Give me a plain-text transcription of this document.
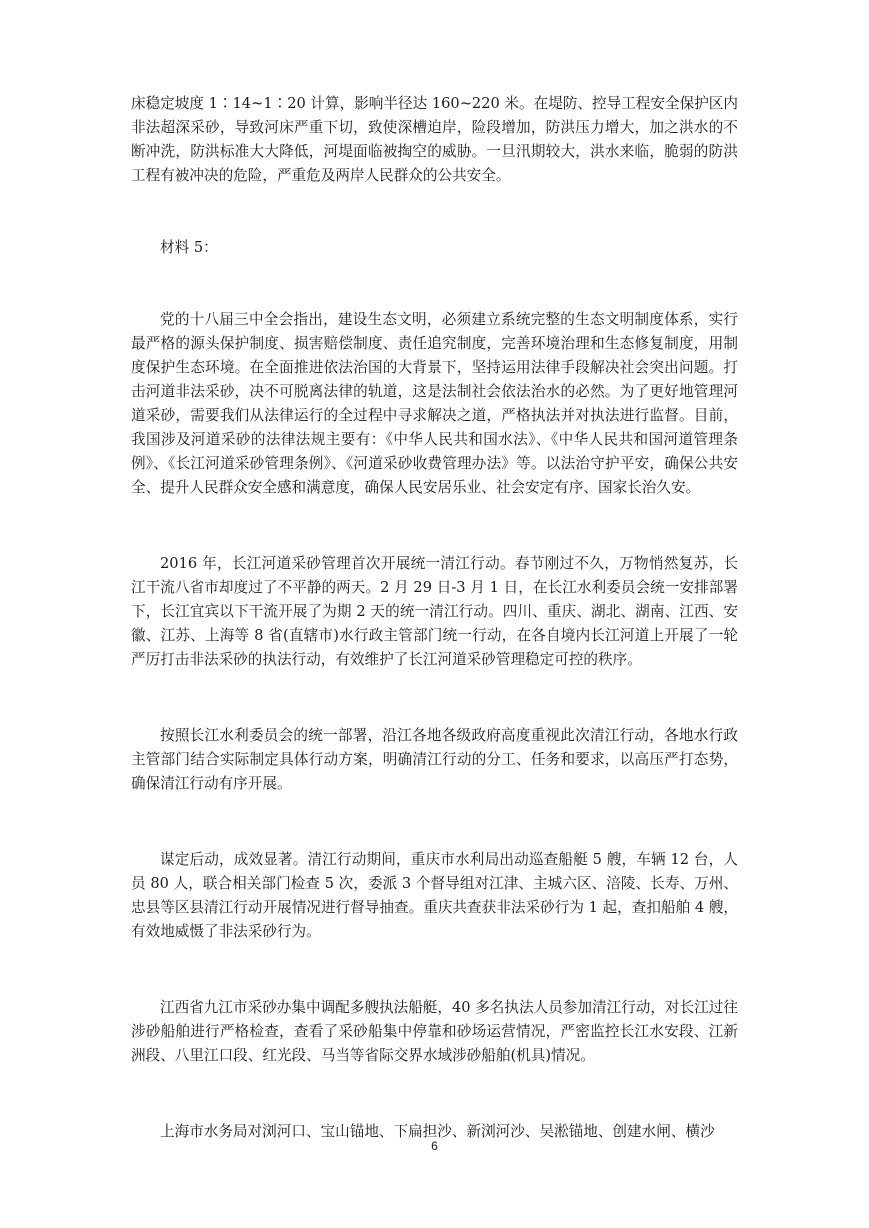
床稳定坡度 1∶14~1∶20 计算，影响半径达 160~220 米。在堤防、控导工程安全保护区内非法超深采砂，导致河床严重下切，致使深槽迫岸，险段增加，防洪压力增大，加之洪水的不断冲洗，防洪标准大大降低，河堤面临被掏空的威胁。一旦汛期较大，洪水来临，脆弱的防洪工程有被冲决的危险，严重危及两岸人民群众的公共安全。

材料 5：

党的十八届三中全会指出，建设生态文明，必须建立系统完整的生态文明制度体系，实行最严格的源头保护制度、损害赔偿制度、责任追究制度，完善环境治理和生态修复制度，用制度保护生态环境。在全面推进依法治国的大背景下，坚持运用法律手段解决社会突出问题。打击河道非法采砂，决不可脱离法律的轨道，这是法制社会依法治水的必然。为了更好地管理河道采砂，需要我们从法律运行的全过程中寻求解决之道，严格执法并对执法进行监督。目前，我国涉及河道采砂的法律法规主要有：《中华人民共和国水法》、《中华人民共和国河道管理条例》、《长江河道采砂管理条例》、《河道采砂收费管理办法》等。以法治守护平安，确保公共安全、提升人民群众安全感和满意度，确保人民安居乐业、社会安定有序、国家长治久安。

2016 年，长江河道采砂管理首次开展统一清江行动。春节刚过不久，万物悄然复苏，长江干流八省市却度过了不平静的两天。2 月 29 日-3 月 1 日，在长江水利委员会统一安排部署下，长江宜宾以下干流开展了为期 2 天的统一清江行动。四川、重庆、湖北、湖南、江西、安徽、江苏、上海等 8 省(直辖市)水行政主管部门统一行动，在各自境内长江河道上开展了一轮严厉打击非法采砂的执法行动，有效维护了长江河道采砂管理稳定可控的秩序。

按照长江水利委员会的统一部署，沿江各地各级政府高度重视此次清江行动，各地水行政主管部门结合实际制定具体行动方案，明确清江行动的分工、任务和要求，以高压严打态势，确保清江行动有序开展。

谋定后动，成效显著。清江行动期间，重庆市水利局出动巡查船艇 5 艘，车辆 12 台，人员 80 人，联合相关部门检查 5 次，委派 3 个督导组对江津、主城六区、涪陵、长寿、万州、忠县等区县清江行动开展情况进行督导抽查。重庆共查获非法采砂行为 1 起，查扣船舶 4 艘，有效地威慑了非法采砂行为。

江西省九江市采砂办集中调配多艘执法船艇，40 多名执法人员参加清江行动，对长江过往涉砂船舶进行严格检查，查看了采砂船集中停靠和砂场运营情况，严密监控长江水安段、江新洲段、八里江口段、红光段、马当等省际交界水域涉砂船舶(机具)情况。

上海市水务局对浏河口、宝山锚地、下扁担沙、新浏河沙、吴淞锚地、创建水闸、横沙

6
